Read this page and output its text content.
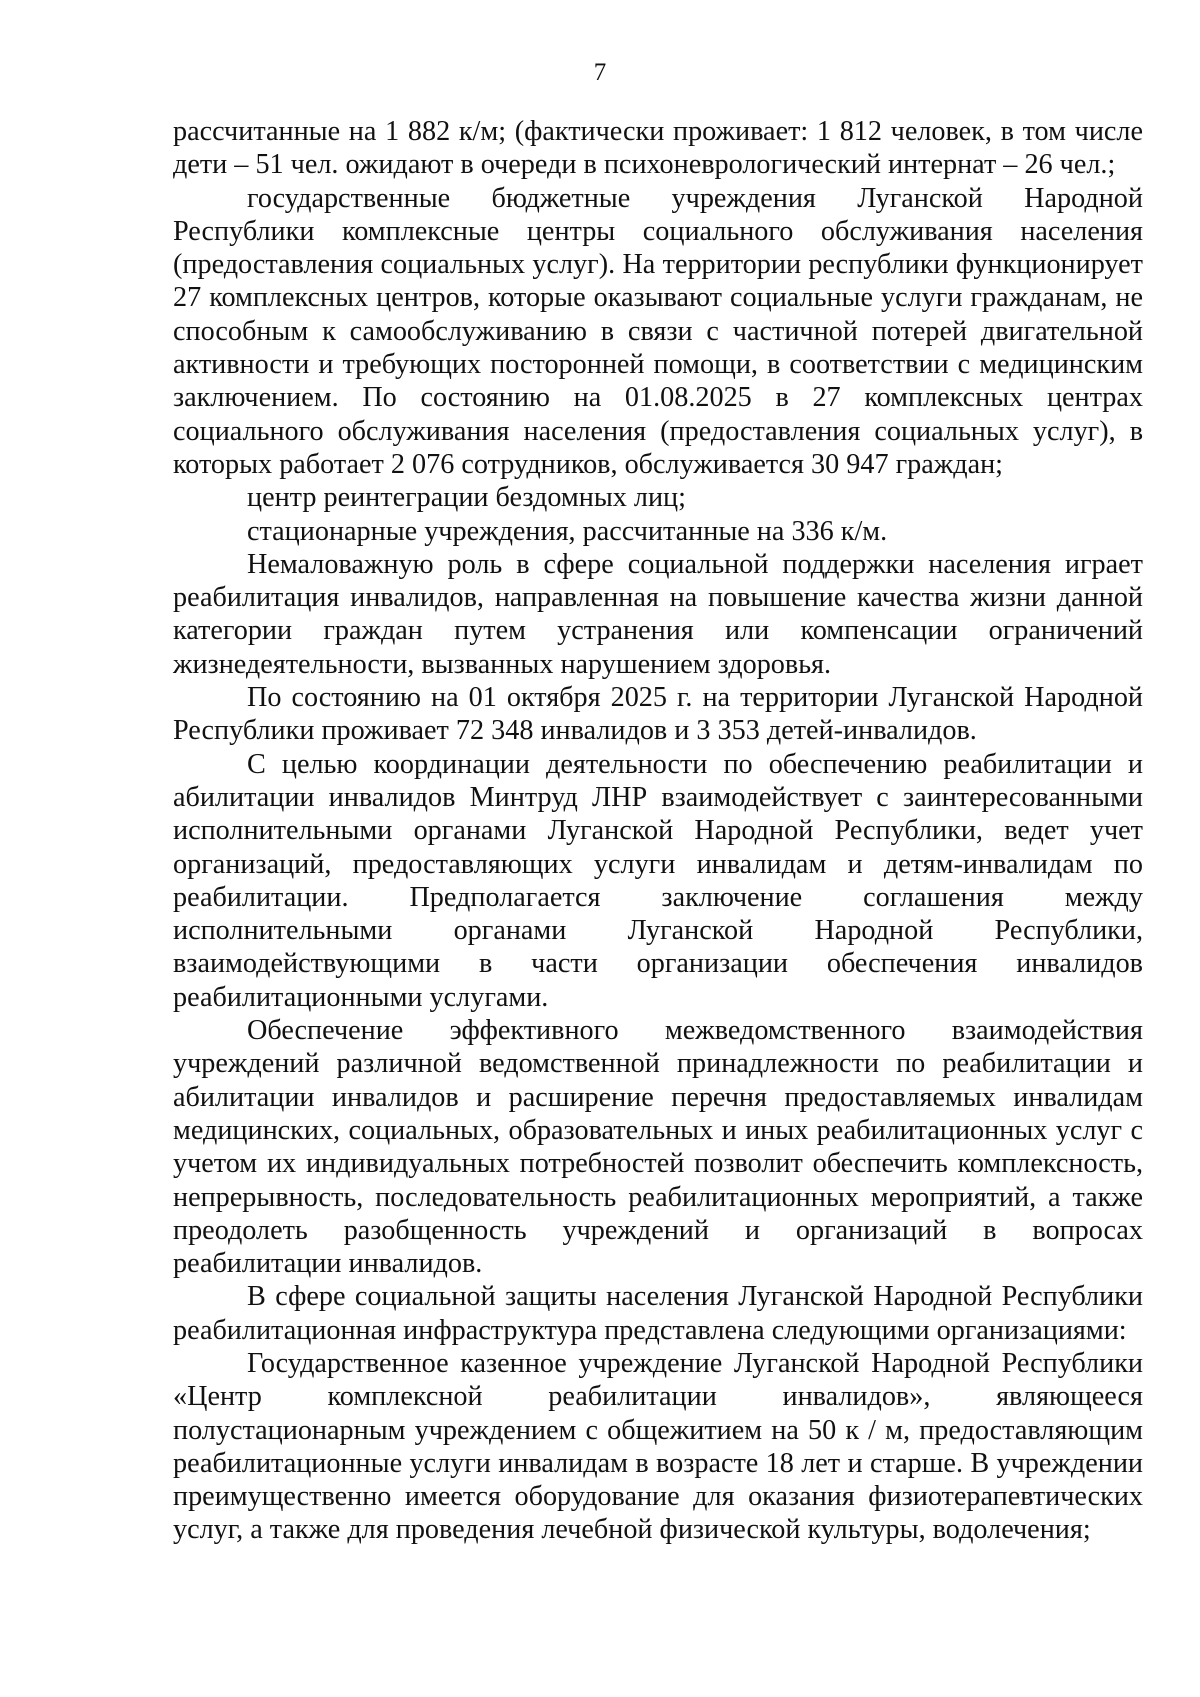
7

рассчитанные на 1 882 к/м; (фактически проживает: 1 812 человек, в том числе дети – 51 чел. ожидают в очереди в психоневрологический интернат – 26 чел.;

государственные бюджетные учреждения Луганской Народной Республики комплексные центры социального обслуживания населения (предоставления социальных услуг). На территории республики функционирует 27 комплексных центров, которые оказывают социальные услуги гражданам, не способным к самообслуживанию в связи с частичной потерей двигательной активности и требующих посторонней помощи, в соответствии с медицинским заключением. По состоянию на 01.08.2025 в 27 комплексных центрах социального обслуживания населения (предоставления социальных услуг), в которых работает 2 076 сотрудников, обслуживается 30 947 граждан;

центр реинтеграции бездомных лиц;

стационарные учреждения, рассчитанные на 336 к/м.

Немаловажную роль в сфере социальной поддержки населения играет реабилитация инвалидов, направленная на повышение качества жизни данной категории граждан путем устранения или компенсации ограничений жизнедеятельности, вызванных нарушением здоровья.

По состоянию на 01 октября 2025 г. на территории Луганской Народной Республики проживает 72 348 инвалидов и 3 353 детей-инвалидов.

С целью координации деятельности по обеспечению реабилитации и абилитации инвалидов Минтруд ЛНР взаимодействует с заинтересованными исполнительными органами Луганской Народной Республики, ведет учет организаций, предоставляющих услуги инвалидам и детям-инвалидам по реабилитации. Предполагается заключение соглашения между исполнительными органами Луганской Народной Республики, взаимодействующими в части организации обеспечения инвалидов реабилитационными услугами.

Обеспечение эффективного межведомственного взаимодействия учреждений различной ведомственной принадлежности по реабилитации и абилитации инвалидов и расширение перечня предоставляемых инвалидам медицинских, социальных, образовательных и иных реабилитационных услуг с учетом их индивидуальных потребностей позволит обеспечить комплексность, непрерывность, последовательность реабилитационных мероприятий, а также преодолеть разобщенность учреждений и организаций в вопросах реабилитации инвалидов.

В сфере социальной защиты населения Луганской Народной Республики реабилитационная инфраструктура представлена следующими организациями:

Государственное казенное учреждение Луганской Народной Республики «Центр комплексной реабилитации инвалидов», являющееся полустационарным учреждением с общежитием на 50 к / м, предоставляющим реабилитационные услуги инвалидам в возрасте 18 лет и старше. В учреждении преимущественно имеется оборудование для оказания физиотерапевтических услуг, а также для проведения лечебной физической культуры, водолечения;
